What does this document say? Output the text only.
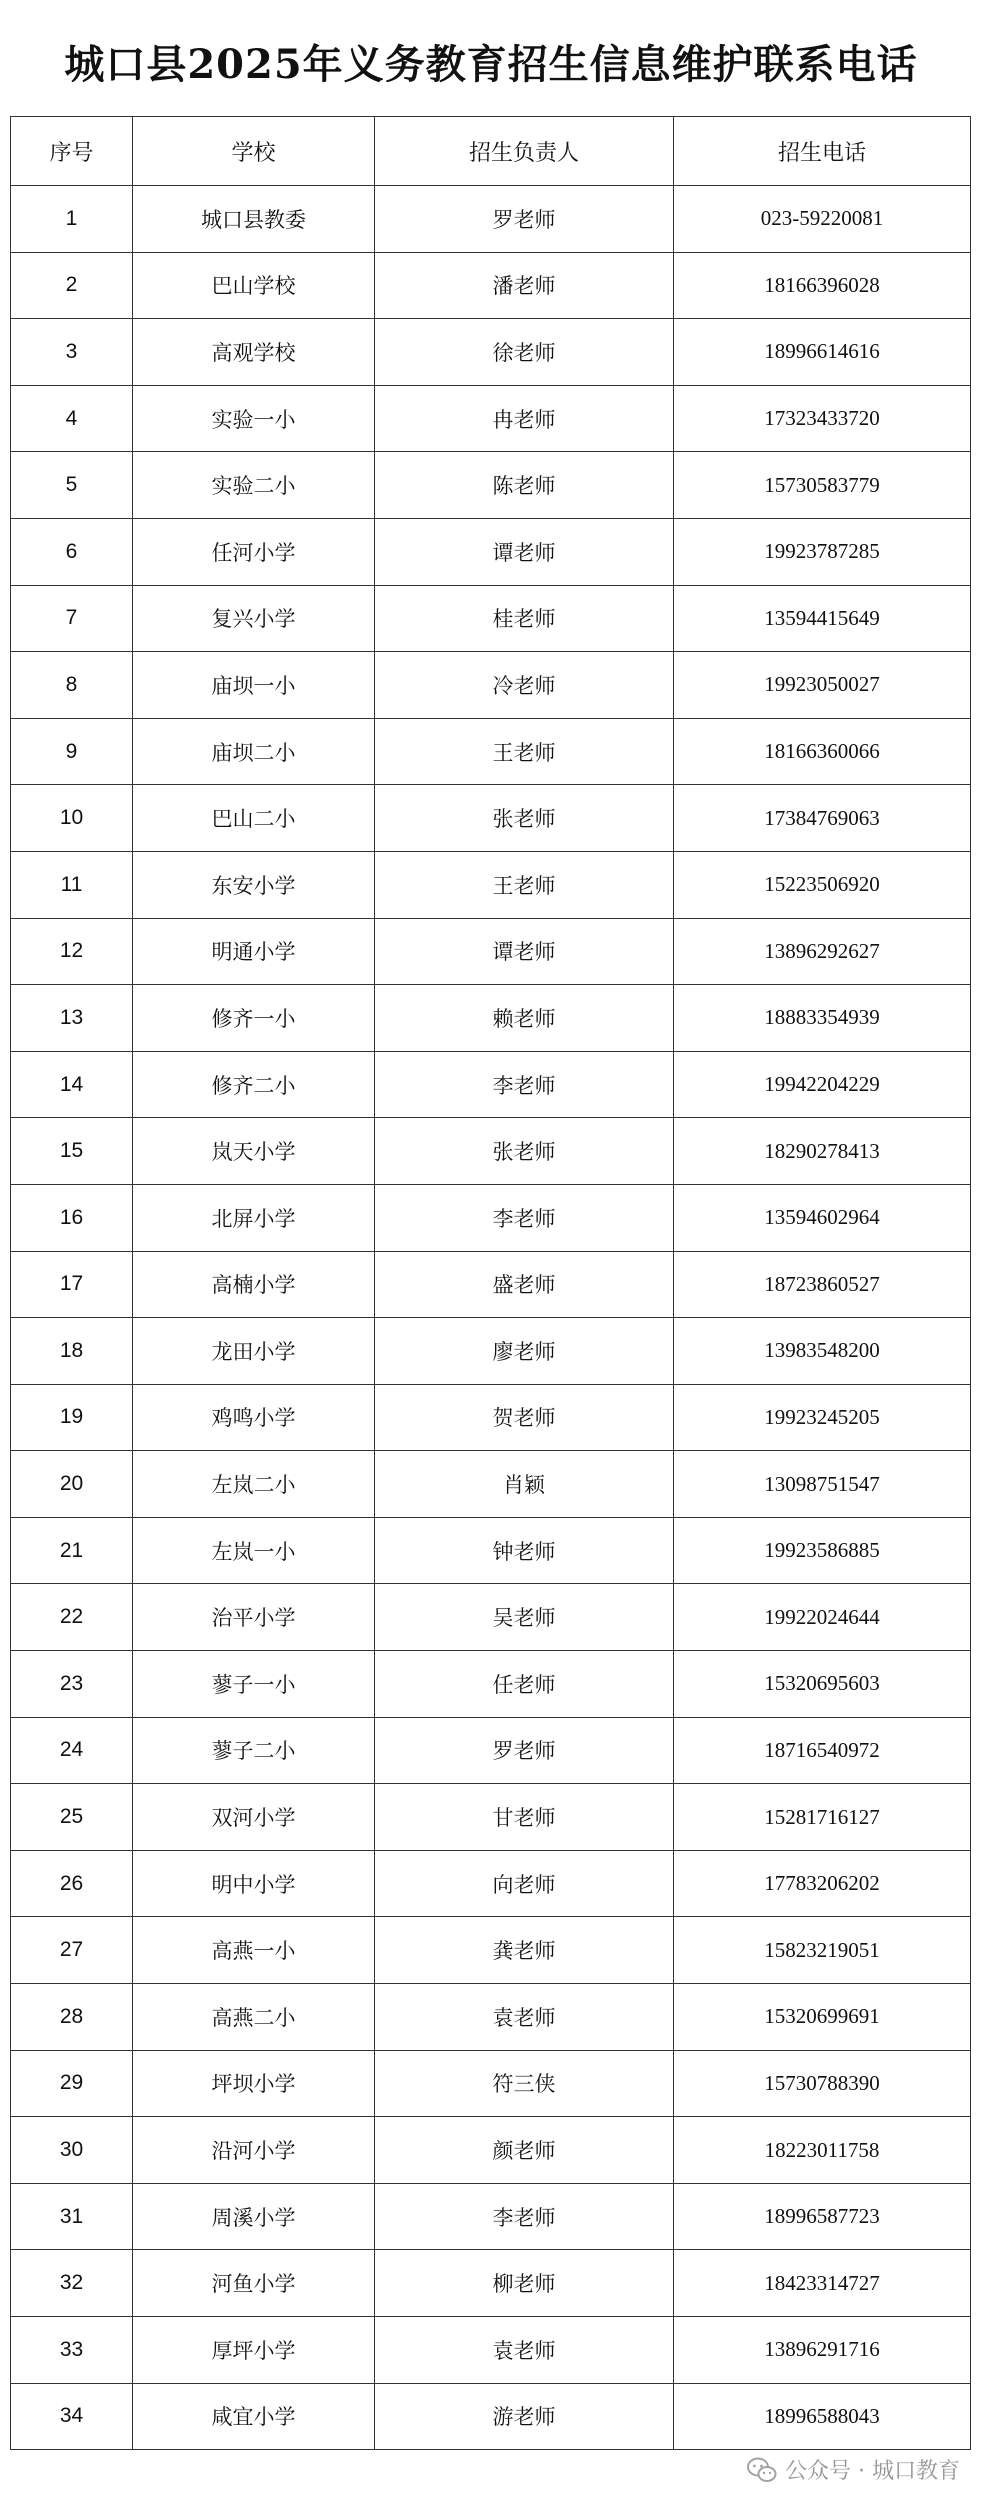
城口县2025年义务教育招生信息维护联系电话
序号	学校	招生负责人	招生电话
1	城口县教委	罗老师	023-59220081
2	巴山学校	潘老师	18166396028
3	高观学校	徐老师	18996614616
4	实验一小	冉老师	17323433720
5	实验二小	陈老师	15730583779
6	任河小学	谭老师	19923787285
7	复兴小学	桂老师	13594415649
8	庙坝一小	冷老师	19923050027
9	庙坝二小	王老师	18166360066
10	巴山二小	张老师	17384769063
11	东安小学	王老师	15223506920
12	明通小学	谭老师	13896292627
13	修齐一小	赖老师	18883354939
14	修齐二小	李老师	19942204229
15	岚天小学	张老师	18290278413
16	北屏小学	李老师	13594602964
17	高楠小学	盛老师	18723860527
18	龙田小学	廖老师	13983548200
19	鸡鸣小学	贺老师	19923245205
20	左岚二小	肖颖	13098751547
21	左岚一小	钟老师	19923586885
22	治平小学	吴老师	19922024644
23	蓼子一小	任老师	15320695603
24	蓼子二小	罗老师	18716540972
25	双河小学	甘老师	15281716127
26	明中小学	向老师	17783206202
27	高燕一小	龚老师	15823219051
28	高燕二小	袁老师	15320699691
29	坪坝小学	符三侠	15730788390
30	沿河小学	颜老师	18223011758
31	周溪小学	李老师	18996587723
32	河鱼小学	柳老师	18423314727
33	厚坪小学	袁老师	13896291716
34	咸宜小学	游老师	18996588043
公众号 · 城口教育
